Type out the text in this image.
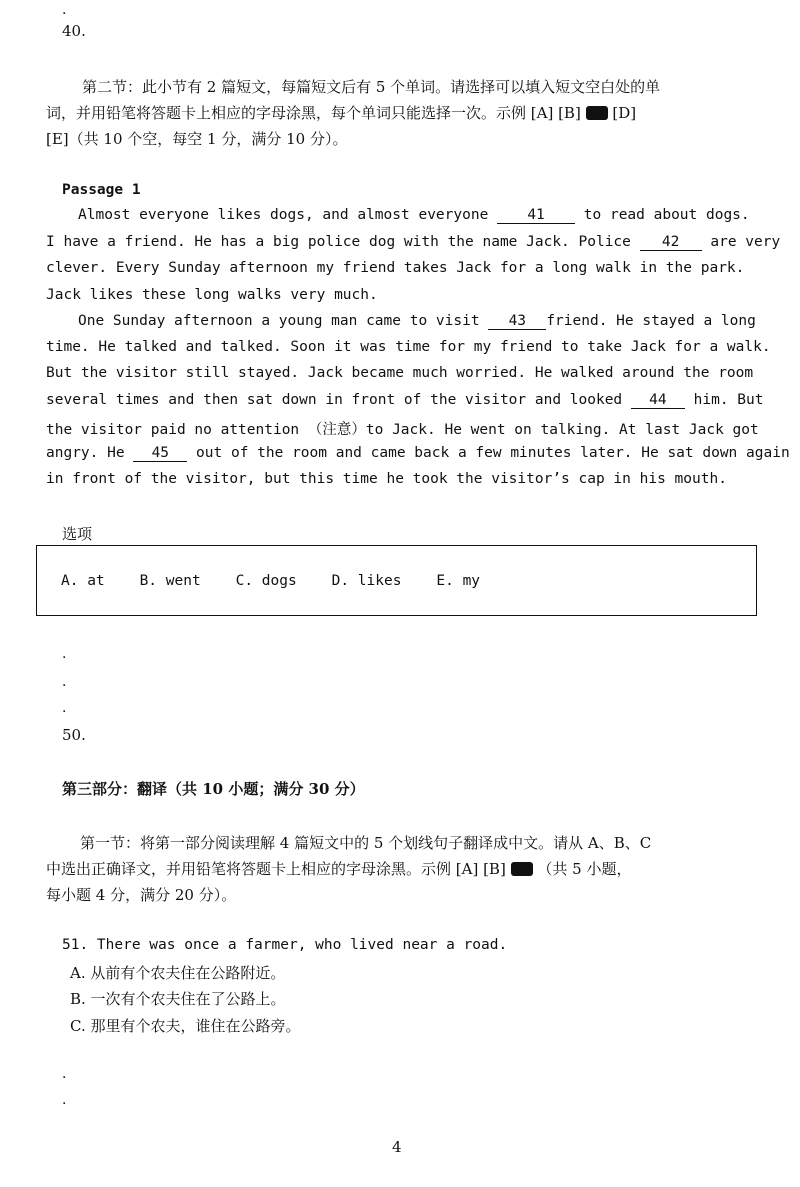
.
40.
第二节：此小节有 2 篇短文，每篇短文后有 5 个单词。请选择可以填入短文空白处的单
词，并用铅笔将答题卡上相应的字母涂黑，每个单词只能选择一次。示例 [A] [B] [D]
[E]（共 10 个空，每空 1 分，满分 10 分）。
Passage 1
Almost everyone likes dogs, and almost everyone	41	to read about dogs.
I have a friend. He has a big police dog with the name Jack. Police 42 are very
clever. Every Sunday afternoon my friend takes Jack for a long walk in the park.
Jack likes these long walks very much.
One Sunday afternoon a young man came to visit 43 friend. He stayed a long
time. He talked and talked. Soon it was time for my friend to take Jack for a walk.
But the visitor still stayed. Jack became much worried. He walked around the room
several times and then sat down in front of the visitor and looked 44 him. But
the visitor paid no attention （注意）to Jack. He went on talking. At last Jack got
angry. He 45 out of the room and came back a few minutes later. He sat down again
in front of the visitor, but this time he took the visitor’s cap in his mouth.
选项
A. at    B. went    C. dogs    D. likes    E. my
·
·
·
50.
第三部分：翻译（共 10 小题；满分 30 分）
第一节：将第一部分阅读理解 4 篇短文中的 5 个划线句子翻译成中文。请从 A、B、C
中选出正确译文，并用铅笔将答题卡上相应的字母涂黑。示例 [A] [B] （共 5 小题，
每小题 4 分，满分 20 分）。
51. There was once a farmer, who lived near a road.
A. 从前有个农夫住在公路附近。
B. 一次有个农夫住在了公路上。
C. 那里有个农夫，谁住在公路旁。
·
·
4
